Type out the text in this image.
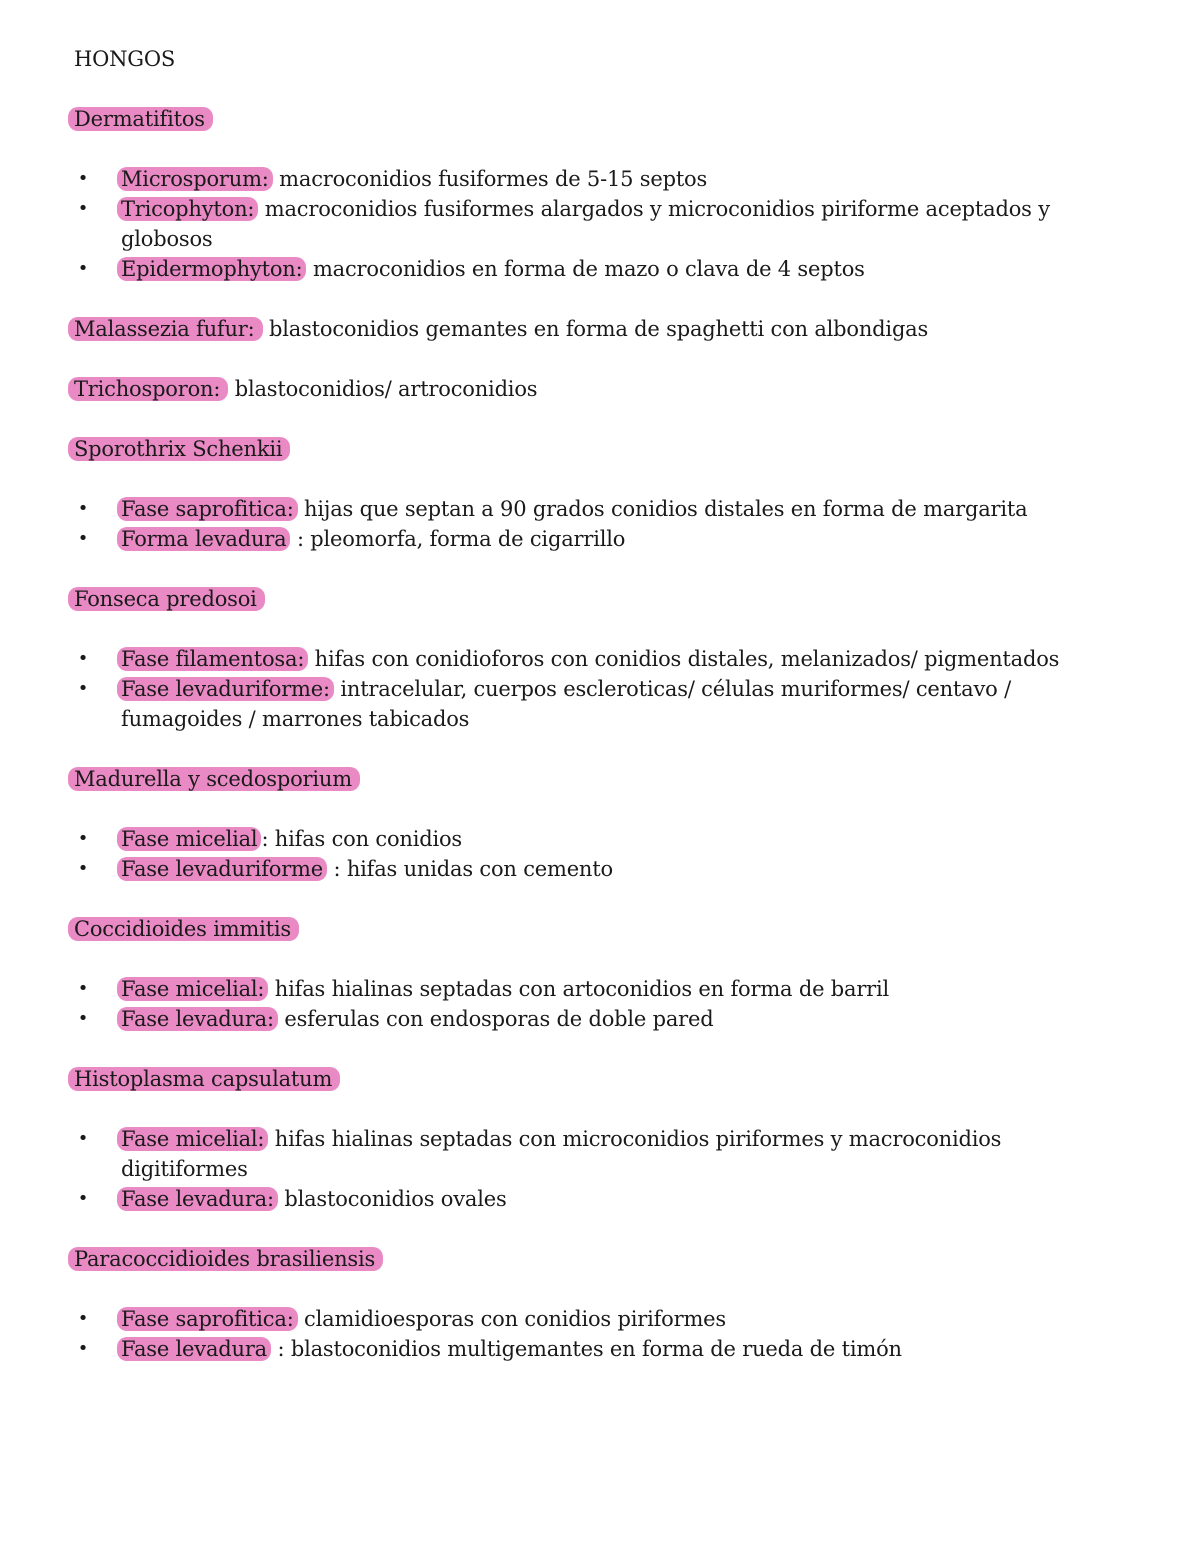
HONGOS
Dermatifitos
• Microsporum: macroconidios fusiformes de 5-15 septos
• Tricophyton: macroconidios fusiformes alargados y microconidios piriforme aceptados y globosos
• Epidermophyton: macroconidios en forma de mazo o clava de 4 septos
Malassezia fufur: blastoconidios gemantes en forma de spaghetti con albondigas
Trichosporon: blastoconidios/ artroconidios
Sporothrix Schenkii
• Fase saprofitica: hijas que septan a 90 grados conidios distales en forma de margarita
• Forma levadura : pleomorfa, forma de cigarrillo
Fonseca predosoi
• Fase filamentosa: hifas con conidioforos con conidios distales, melanizados/ pigmentados
• Fase levaduriforme: intracelular, cuerpos escleroticas/ células muriformes/ centavo / fumagoides / marrones tabicados
Madurella y scedosporium
• Fase micelial : hifas con conidios
• Fase levaduriforme : hifas unidas con cemento
Coccidioides immitis
• Fase micelial: hifas hialinas septadas con artoconidios en forma de barril
• Fase levadura: esferulas con endosporas de doble pared
Histoplasma capsulatum
• Fase micelial: hifas hialinas septadas con microconidios piriformes y macroconidios digitiformes
• Fase levadura: blastoconidios ovales
Paracoccidioides brasiliensis
• Fase saprofitica: clamidioesporas con conidios piriformes
• Fase levadura : blastoconidios multigemantes en forma de rueda de timón
